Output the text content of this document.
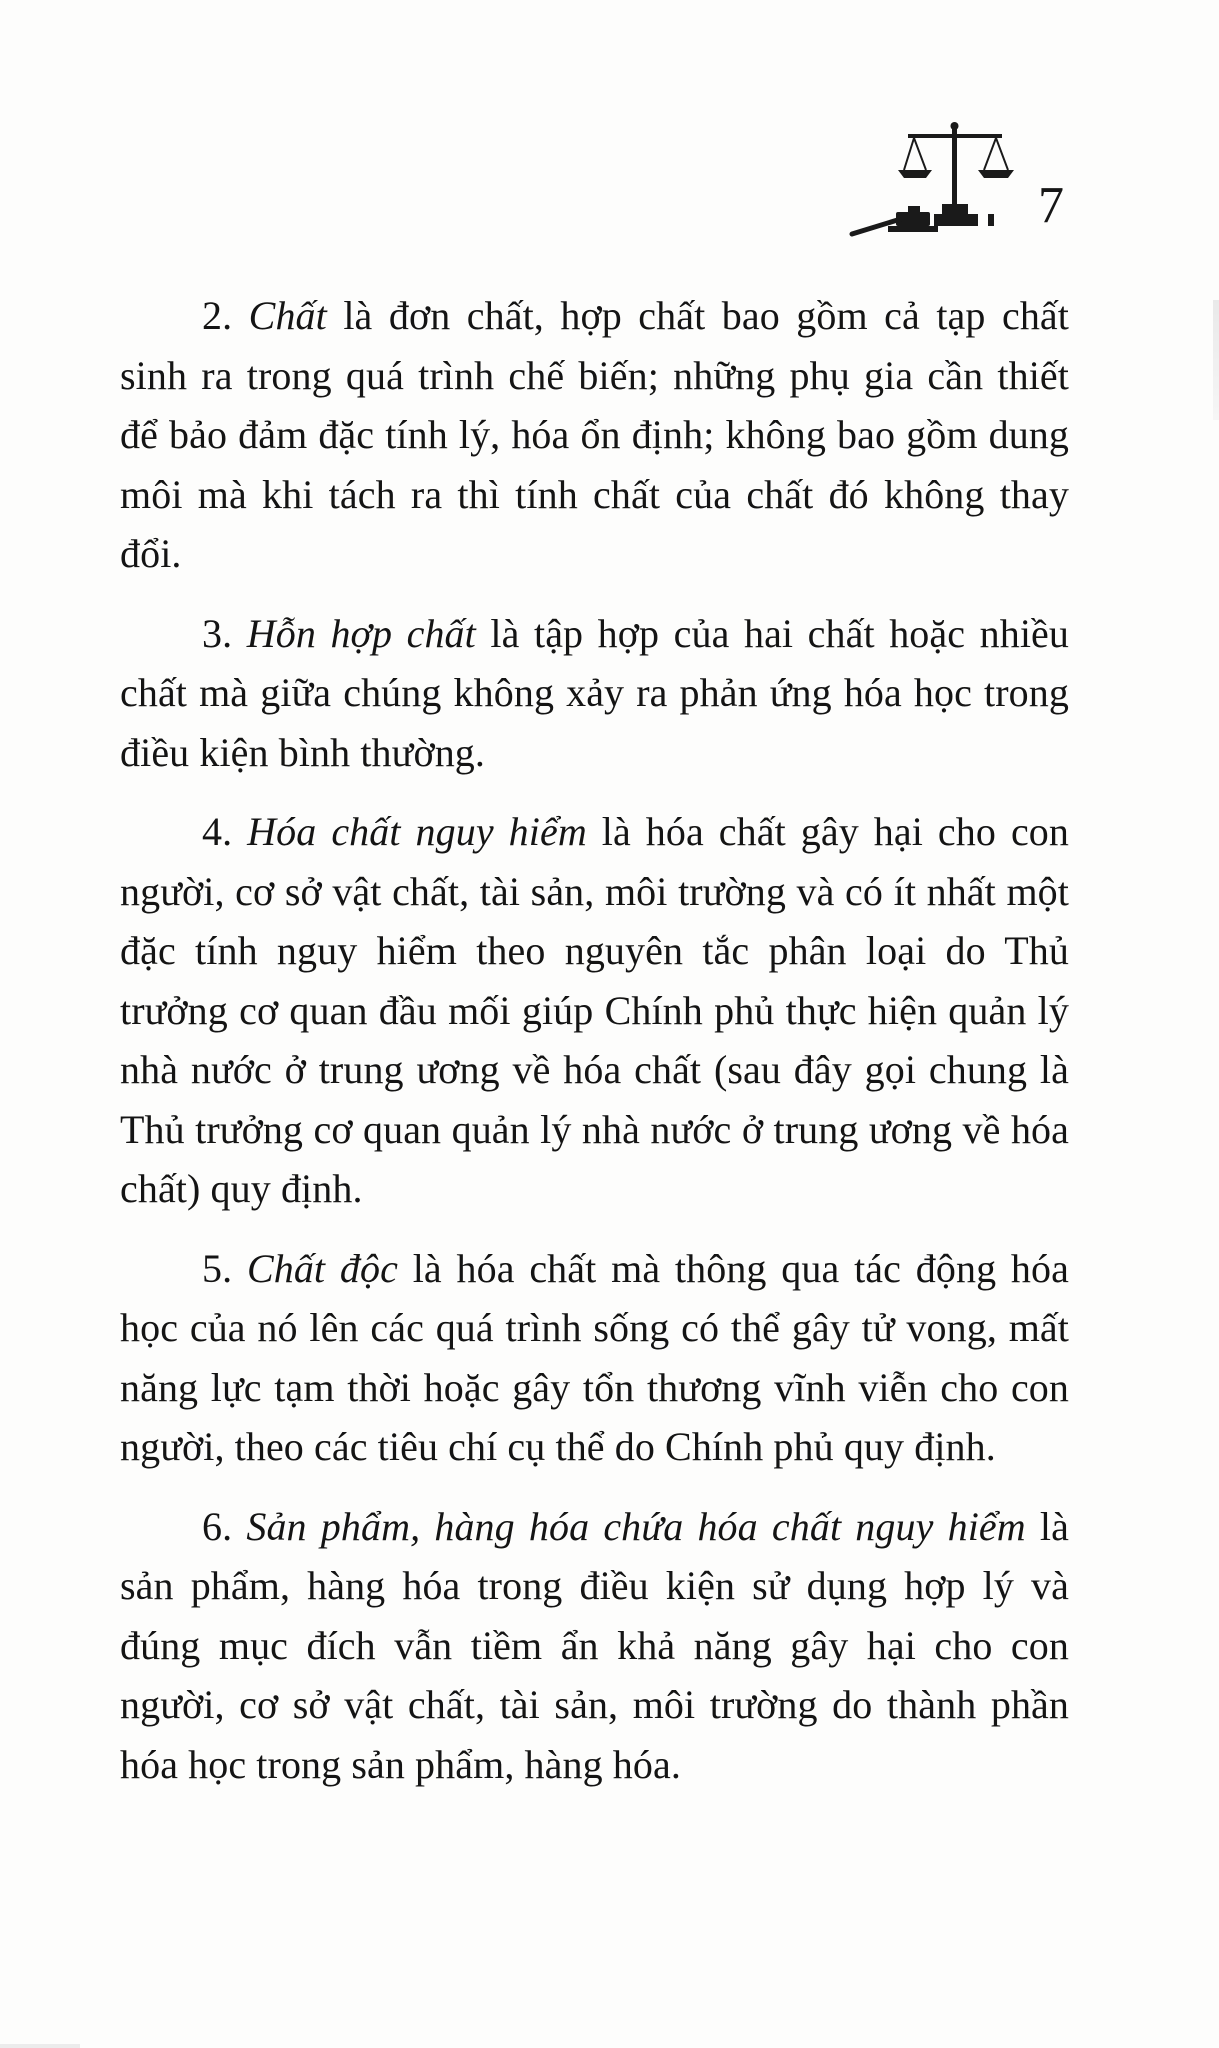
7

2. Chất là đơn chất, hợp chất bao gồm cả tạp chất sinh ra trong quá trình chế biến; những phụ gia cần thiết để bảo đảm đặc tính lý, hóa ổn định; không bao gồm dung môi mà khi tách ra thì tính chất của chất đó không thay đổi.

3. Hỗn hợp chất là tập hợp của hai chất hoặc nhiều chất mà giữa chúng không xảy ra phản ứng hóa học trong điều kiện bình thường.

4. Hóa chất nguy hiểm là hóa chất gây hại cho con người, cơ sở vật chất, tài sản, môi trường và có ít nhất một đặc tính nguy hiểm theo nguyên tắc phân loại do Thủ trưởng cơ quan đầu mối giúp Chính phủ thực hiện quản lý nhà nước ở trung ương về hóa chất (sau đây gọi chung là Thủ trưởng cơ quan quản lý nhà nước ở trung ương về hóa chất) quy định.

5. Chất độc là hóa chất mà thông qua tác động hóa học của nó lên các quá trình sống có thể gây tử vong, mất năng lực tạm thời hoặc gây tổn thương vĩnh viễn cho con người, theo các tiêu chí cụ thể do Chính phủ quy định.

6. Sản phẩm, hàng hóa chứa hóa chất nguy hiểm là sản phẩm, hàng hóa trong điều kiện sử dụng hợp lý và đúng mục đích vẫn tiềm ẩn khả năng gây hại cho con người, cơ sở vật chất, tài sản, môi trường do thành phần hóa học trong sản phẩm, hàng hóa.
